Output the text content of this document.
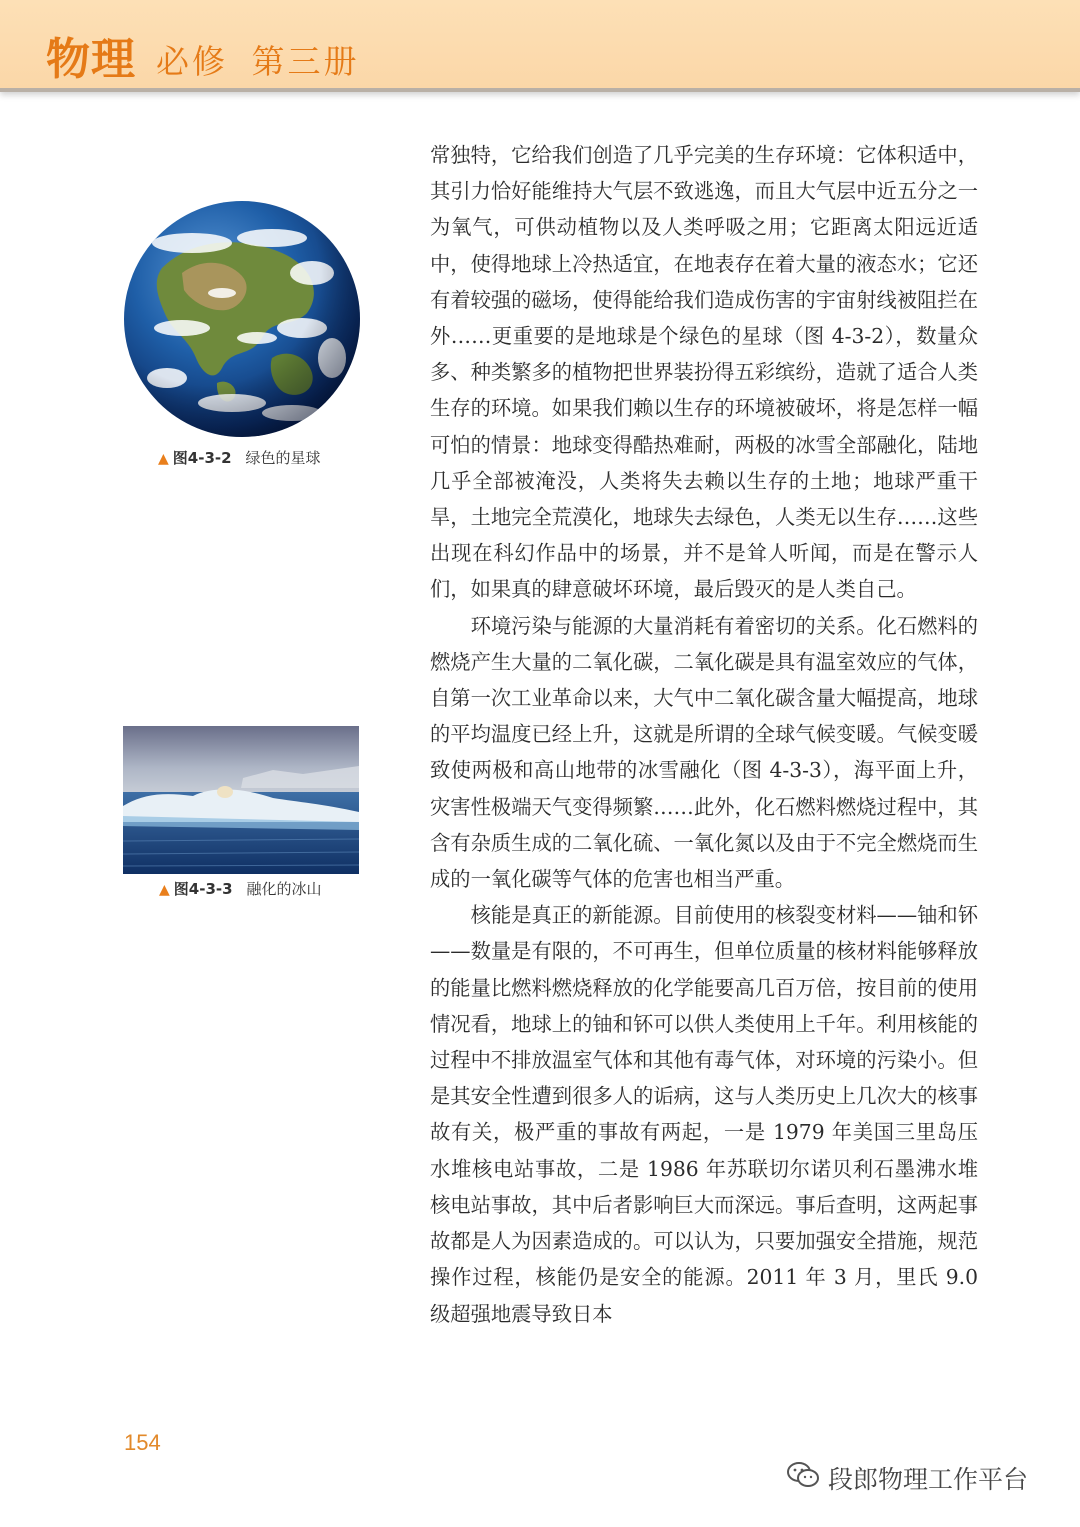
物理 必修 第三册
▲ 图4-3-2 绿色的星球
▲ 图4-3-3 融化的冰山

常独特，它给我们创造了几乎完美的生存环境：它体积适中，其引力恰好能维持大气层不致逃逸，而且大气层中近五分之一为氧气，可供动植物以及人类呼吸之用；它距离太阳远近适中，使得地球上冷热适宜，在地表存在着大量的液态水；它还有着较强的磁场，使得能给我们造成伤害的宇宙射线被阻拦在外……更重要的是地球是个绿色的星球（图 4-3-2），数量众多、种类繁多的植物把世界装扮得五彩缤纷，造就了适合人类生存的环境。如果我们赖以生存的环境被破坏，将是怎样一幅可怕的情景：地球变得酷热难耐，两极的冰雪全部融化，陆地几乎全部被淹没，人类将失去赖以生存的土地；地球严重干旱，土地完全荒漠化，地球失去绿色，人类无以生存……这些出现在科幻作品中的场景，并不是耸人听闻，而是在警示人们，如果真的肆意破坏环境，最后毁灭的是人类自己。

环境污染与能源的大量消耗有着密切的关系。化石燃料的燃烧产生大量的二氧化碳，二氧化碳是具有温室效应的气体，自第一次工业革命以来，大气中二氧化碳含量大幅提高，地球的平均温度已经上升，这就是所谓的全球气候变暖。气候变暖致使两极和高山地带的冰雪融化（图 4-3-3），海平面上升，灾害性极端天气变得频繁……此外，化石燃料燃烧过程中，其含有杂质生成的二氧化硫、一氧化氮以及由于不完全燃烧而生成的一氧化碳等气体的危害也相当严重。

核能是真正的新能源。目前使用的核裂变材料——铀和钚——数量是有限的，不可再生，但单位质量的核材料能够释放的能量比燃料燃烧释放的化学能要高几百万倍，按目前的使用情况看，地球上的铀和钚可以供人类使用上千年。利用核能的过程中不排放温室气体和其他有毒气体，对环境的污染小。但是其安全性遭到很多人的诟病，这与人类历史上几次大的核事故有关，极严重的事故有两起，一是 1979 年美国三里岛压水堆核电站事故，二是 1986 年苏联切尔诺贝利石墨沸水堆核电站事故，其中后者影响巨大而深远。事后查明，这两起事故都是人为因素造成的。可以认为，只要加强安全措施，规范操作过程，核能仍是安全的能源。2011 年 3 月，里氏 9.0 级超强地震导致日本

154
段郎物理工作平台
